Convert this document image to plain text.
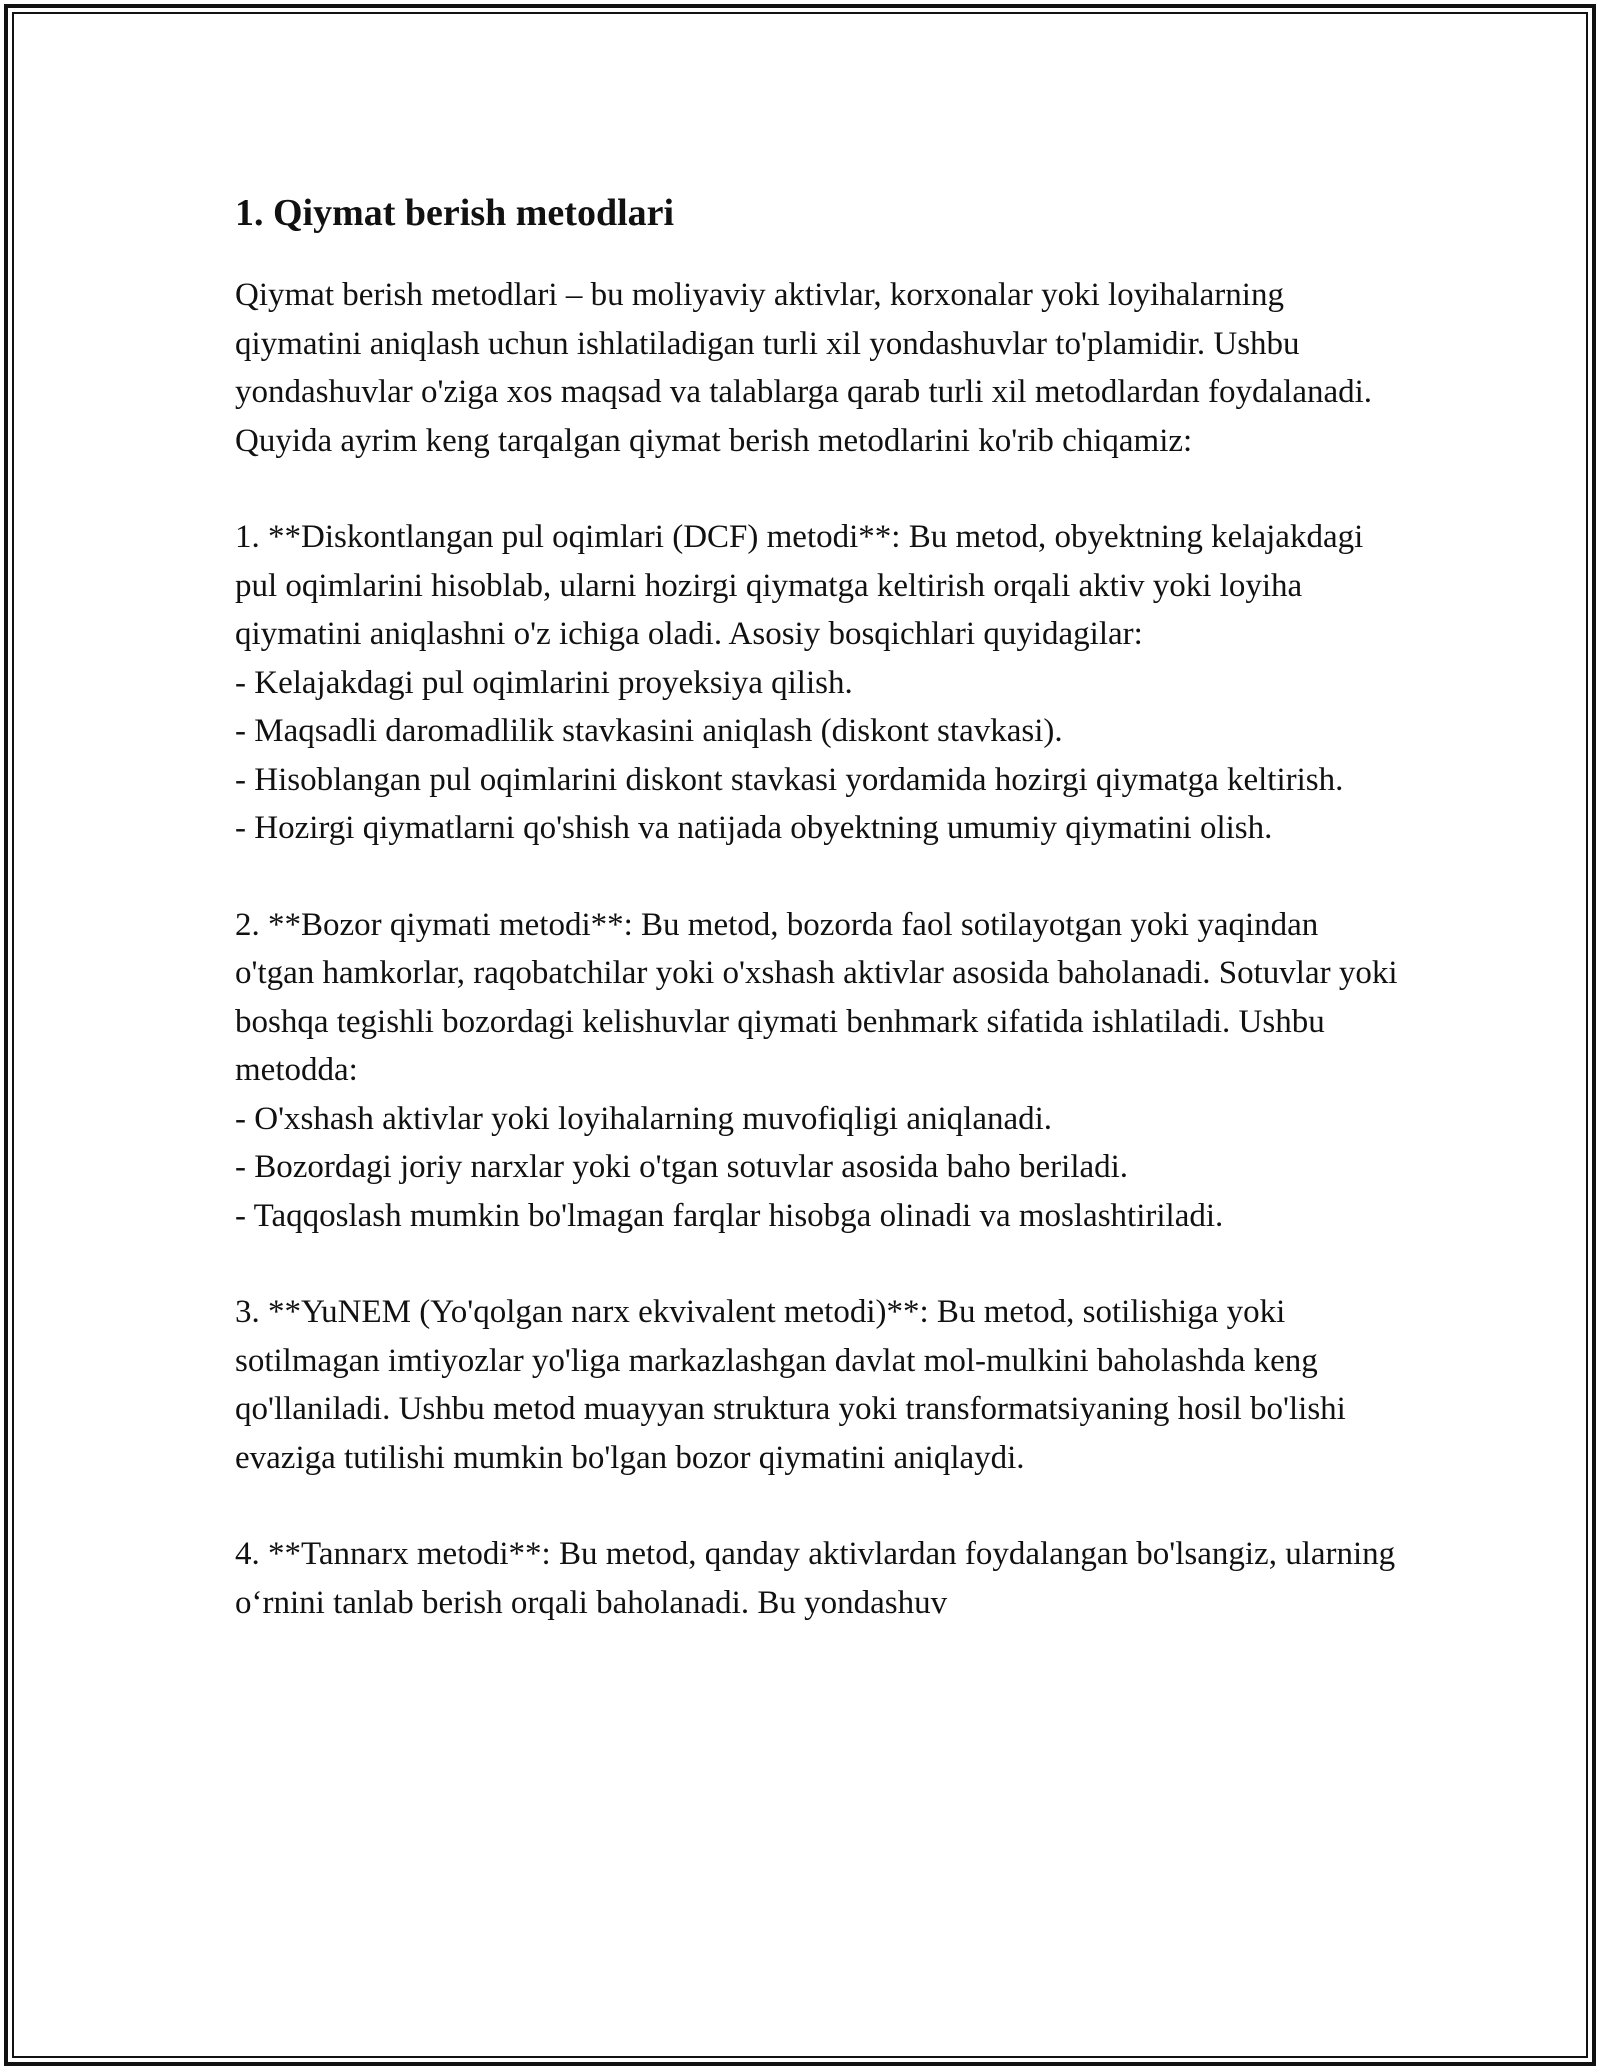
1. Qiymat berish metodlari

Qiymat berish metodlari – bu moliyaviy aktivlar, korxonalar yoki loyihalarning qiymatini aniqlash uchun ishlatiladigan turli xil yondashuvlar to'plamidir. Ushbu yondashuvlar o'ziga xos maqsad va talablarga qarab turli xil metodlardan foydalanadi. Quyida ayrim keng tarqalgan qiymat berish metodlarini ko'rib chiqamiz:

1. **Diskontlangan pul oqimlari (DCF) metodi**: Bu metod, obyektning kelajakdagi pul oqimlarini hisoblab, ularni hozirgi qiymatga keltirish orqali aktiv yoki loyiha qiymatini aniqlashni o'z ichiga oladi. Asosiy bosqichlari quyidagilar:
- Kelajakdagi pul oqimlarini proyeksiya qilish.
- Maqsadli daromadlilik stavkasini aniqlash (diskont stavkasi).
- Hisoblangan pul oqimlarini diskont stavkasi yordamida hozirgi qiymatga keltirish.
- Hozirgi qiymatlarni qo'shish va natijada obyektning umumiy qiymatini olish.

2. **Bozor qiymati metodi**: Bu metod, bozorda faol sotilayotgan yoki yaqindan o'tgan hamkorlar, raqobatchilar yoki o'xshash aktivlar asosida baholanadi. Sotuvlar yoki boshqa tegishli bozordagi kelishuvlar qiymati benhmark sifatida ishlatiladi. Ushbu metodda:
- O'xshash aktivlar yoki loyihalarning muvofiqligi aniqlanadi.
- Bozordagi joriy narxlar yoki o'tgan sotuvlar asosida baho beriladi.
- Taqqoslash mumkin bo'lmagan farqlar hisobga olinadi va moslashtiriladi.

3. **YuNEM (Yo'qolgan narx ekvivalent metodi)**: Bu metod, sotilishiga yoki sotilmagan imtiyozlar yo'liga markazlashgan davlat mol-mulkini baholashda keng qo'llaniladi. Ushbu metod muayyan struktura yoki transformatsiyaning hosil bo'lishi evaziga tutilishi mumkin bo'lgan bozor qiymatini aniqlaydi.

4. **Tannarx metodi**: Bu metod, qanday aktivlardan foydalangan bo'lsangiz, ularning o‘rnini tanlab berish orqali baholanadi. Bu yondashuv
